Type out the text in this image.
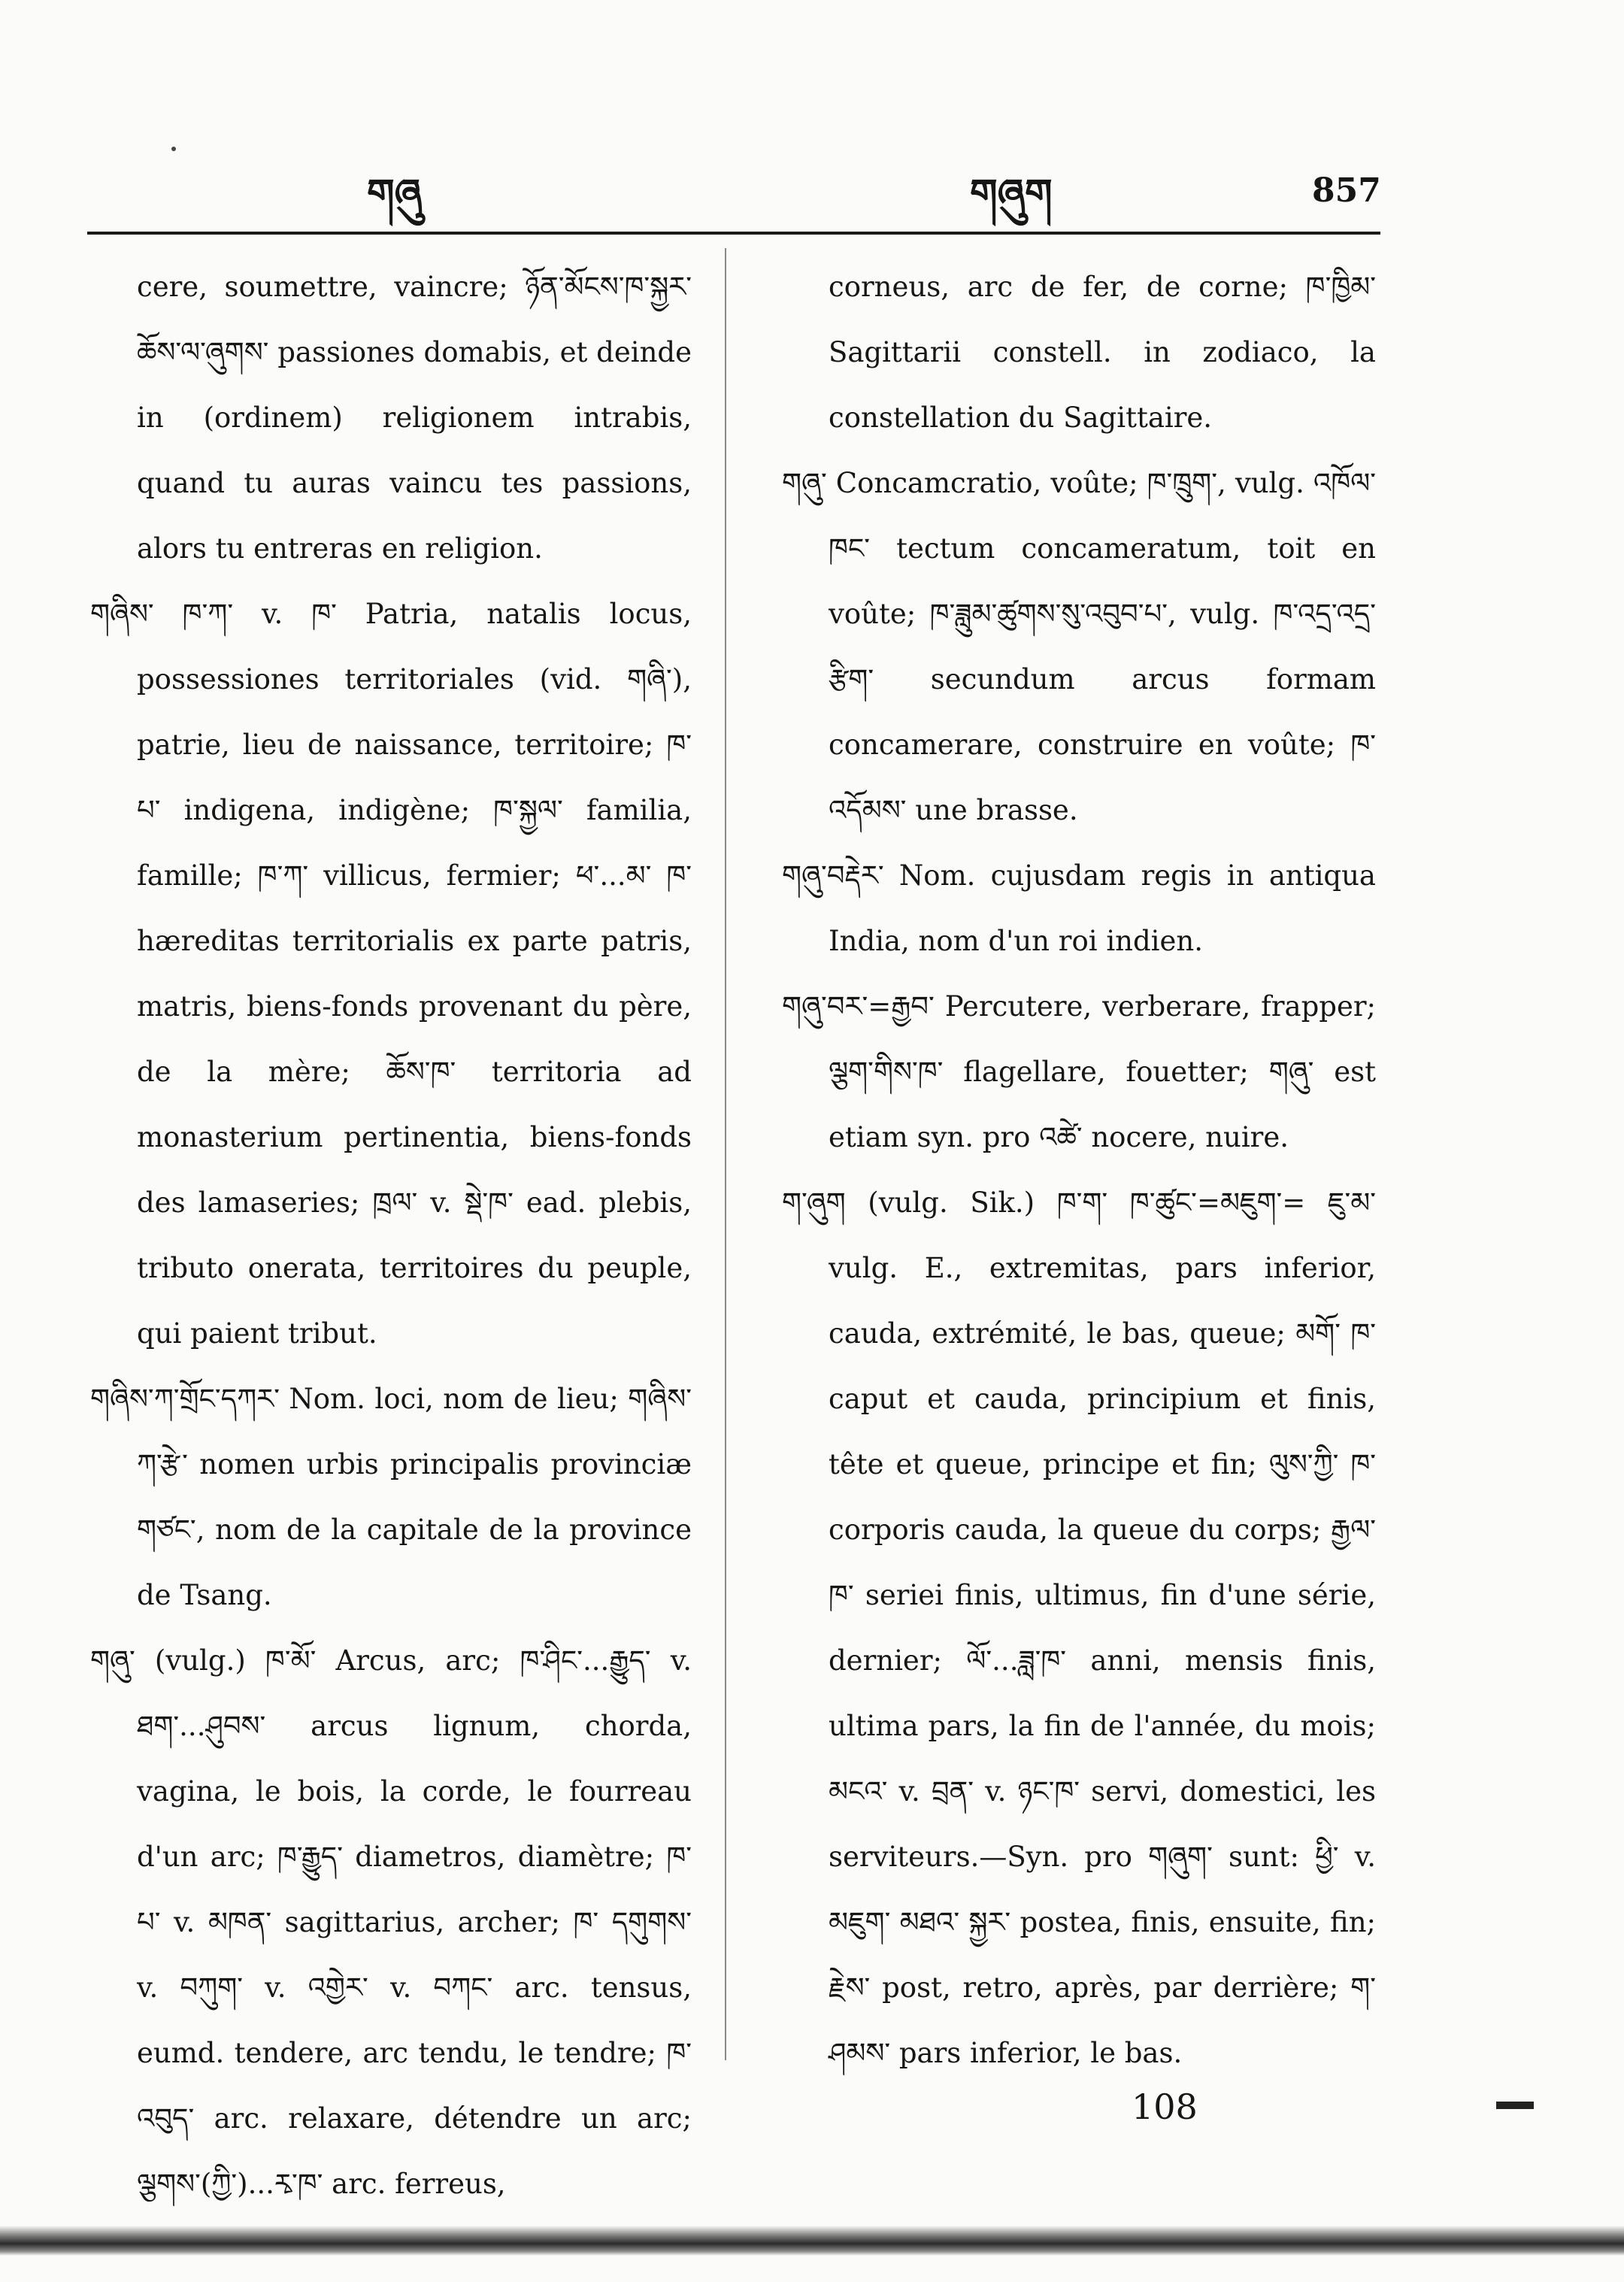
གཞུ	གཞུག	857

cere, soumettre, vaincre; ཉོན་མོངས་ཁ་སྐྱར་ཆོས་ལ་ཞུགས་ passiones domabis, et deinde in (ordinem) religionem intrabis, quand tu auras vaincu tes passions, alors tu entreras en religion.

གཞིས་ ཁ་ཀ་ v. ཁ་ Patria, natalis locus, possessiones territoriales (vid. གཞི་), patrie, lieu de naissance, territoire; ཁ་ པ་ indigena, indigène; ཁ་སྐྱལ་ familia, famille; ཁ་ཀ་ villicus, fermier; ཕ་...མ་ ཁ་ hæreditas territorialis ex parte patris, matris, biens-fonds provenant du père, de la mère; ཆོས་ཁ་ territoria ad monasterium pertinentia, biens-fonds des lamaseries; ཁྲལ་ v. སྡེ་ཁ་ ead. plebis, tributo onerata, territoires du peuple, qui paient tribut.

གཞིས་ཀ་གྲོང་དཀར་ Nom. loci, nom de lieu; གཞིས་ཀ་རྩེ་ nomen urbis principalis provinciæ གཙང་, nom de la capitale de la province de Tsang.

གཞུ་ (vulg.) ཁ་མོ་ Arcus, arc; ཁ་ཤིང་...རྒྱུད་ v. ཐག་...ཤུབས་ arcus lignum, chorda, vagina, le bois, la corde, le fourreau d'un arc; ཁ་རྒྱུད་ diametros, diamètre; ཁ་པ་ v. མཁན་ sagittarius, archer; ཁ་ དགུགས་ v. བཀུག་ v. འགྱེར་ v. བཀང་ arc. tensus, eumd. tendere, arc tendu, le tendre; ཁ་འབུད་ arc. relaxare, détendre un arc; ལྕགས་(ཀྱི་)...རྭ་ཁ་ arc. ferreus,

corneus, arc de fer, de corne; ཁ་ཁྱིམ་ Sagittarii constell. in zodiaco, la constellation du Sagittaire.

གཞུ་ Concamcratio, voûte; ཁ་ཁྲུག་, vulg. འཁོལ་ཁང་ tectum concameratum, toit en voûte; ཁ་ཟླུམ་ཚུགས་སུ་འབུབ་པ་, vulg. ཁ་འདྲ་འདྲ་རྩིག་ secundum arcus formam concamerare, construire en voûte; ཁ་འདོམས་ une brasse.

གཞུ་བརྡེར་ Nom. cujusdam regis in antiqua India, nom d'un roi indien.

གཞུ་བར་=རྒྱབ་ Percutere, verberare, frapper; ལྕག་གིས་ཁ་ flagellare, fouetter; གཞུ་ est etiam syn. pro འཚེ་ nocere, nuire.

ག་ཞུག (vulg. Sik.) ཁ་ག་ ཁ་ཚུང་=མཇུག་= ཇུ་མ་ vulg. E., extremitas, pars inferior, cauda, extrémité, le bas, queue; མགོ་ ཁ་ caput et cauda, principium et finis, tête et queue, principe et fin; ལུས་ཀྱི་ ཁ་ corporis cauda, la queue du corps; རྒྱལ་ཁ་ seriei finis, ultimus, fin d'une série, dernier; ལོ་...ཟླ་ཁ་ anni, mensis finis, ultima pars, la fin de l'année, du mois; མངའ་ v. བྲན་ v. ཉང་ཁ་ servi, domestici, les serviteurs.—Syn. pro གཞུག་ sunt: ཕྱི་ v. མཇུག་ མཐའ་ སྐྱར་ postea, finis, ensuite, fin; རྗེས་ post, retro, après, par derrière; ག་ཤམས་ pars inferior, le bas.

108
